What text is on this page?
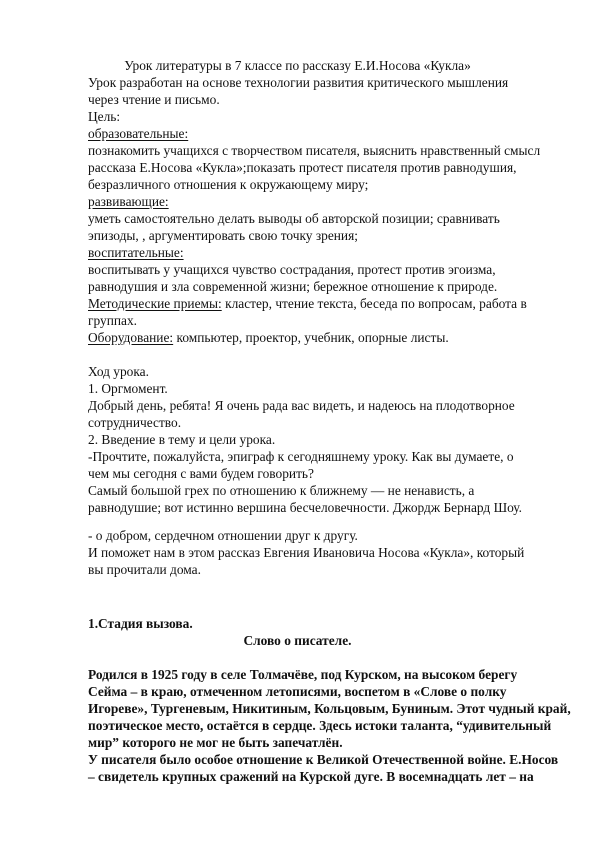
Урок литературы в 7 классе по рассказу Е.И.Носова «Кукла»
Урок разработан на основе технологии развития критического мышления
через чтение и письмо.
Цель:
образовательные:
познакомить учащихся с творчеством писателя, выяснить нравственный смысл
рассказа Е.Носова «Кукла»;показать протест писателя против равнодушия,
безразличного отношения к окружающему миру;
развивающие:
уметь самостоятельно делать выводы об авторской позиции; сравнивать
эпизоды, , аргументировать свою точку зрения;
воспитательные:
воспитывать у учащихся чувство сострадания, протест против эгоизма,
равнодушия и зла современной жизни; бережное отношение к природе.
Методические приемы: кластер, чтение текста, беседа по вопросам, работа в
группах.
Оборудование: компьютер, проектор, учебник, опорные листы.
Ход урока.
1. Оргмомент.
Добрый день, ребята! Я очень рада вас видеть, и надеюсь на плодотворное
сотрудничество.
2. Введение в тему и цели урока.
-Прочтите, пожалуйста, эпиграф к сегодняшнему уроку. Как вы думаете, о
чем мы сегодня с вами будем говорить?
Самый большой грех по отношению к ближнему — не ненависть, а
равнодушие; вот истинно вершина бесчеловечности. Джордж Бернард Шоу.
- о добром, сердечном отношении друг к другу.
И поможет нам в этом рассказ Евгения Ивановича Носова «Кукла», который
вы прочитали дома.
1.Стадия вызова.
Слово о писателе.
Родился в 1925 году в селе Толмачёве, под Курском, на высоком берегу
Сейма – в краю, отмеченном летописями, воспетом в «Слове о полку
Игореве», Тургеневым, Никитиным, Кольцовым, Буниным. Этот чудный край,
поэтическое место, остаётся в сердце. Здесь истоки таланта, “удивительный
мир” которого не мог не быть запечатлён.
У писателя было особое отношение к Великой Отечественной войне. Е.Носов
– свидетель крупных сражений на Курской дуге. В восемнадцать лет – на
